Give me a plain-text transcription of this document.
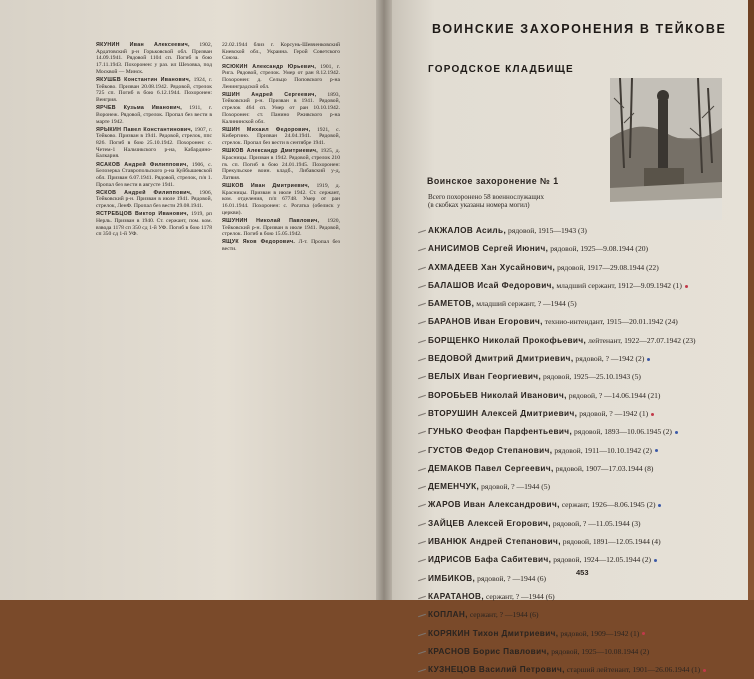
ЯКУНИН Иван Алексеевич, 1902, Ардатовский р-н Горьковской обл. Призван 14.09.1941. Рядовой 1104 сп. Погиб в бою 17.11.1943. Похоронен: у раз. ил Шеховка, под Москвой — Минск.

ЯКУШЕВ Константин Иванович, 1924, г. Тейково. Призван 20.08.1942. Рядовой, стрелок 725 сп. Погиб в бою 6.12.1944. Похоронен: Венгрия.

ЯРЧЕВ Кузьма Иванович, 1911, г. Воронеж. Рядовой, стрелок. Пропал без вести в марте 1942.

ЯРЫКИН Павел Константинович, 1907, г. Тейково. Призван в 1941. Рядовой, стрелок, ппс 826. Погиб в бою 25.10.1942. Похоронен: с. Четем-1 Нальчикского р-на, Кабардино-Балкария.

ЯСАКОВ Андрей Филиппович, 1906, с. Белозерка Ставропольского р-на Куйбышевской обл. Призван 6.07.1941. Рядовой, стрелок, п/я 1. Пропал без вести в августе 1941.

ЯСКОВ Андрей Филиппович, 1906, Тейковский р-н. Призван в июле 1941. Рядовой, стрелок, ЛенФ. Пропал без вести 29.08.1941.

ЯСТРЕБЦОВ Виктор Иванович, 1919, рп Нерль. Призван в 1940. Ст. сержант, пом. ком. взвода 1178 сп 350 сд 1-й УФ. Погиб в бою 1178 сп 350 сд 1-й УФ.

22.02.1944 близ г. Корсунь-Шевченковский Киевской обл., Украина. Герой Советского Союза.

ЯСЮКИН Александр Юрьевич, 1901, г. Рига. Рядовой, стрелок. Умер от ран 8.12.1942. Похоронен: д. Сельцо Поповского р-на Ленинградской обл.

ЯШИН Андрей Сергеевич, 1893, Тейковский р-н. Призван в 1941. Рядовой, стрелок 464 сп. Умер от ран 10.10.1942. Похоронен: ст. Панино Рживского р-на Калининской обл.

ЯШИН Михаил Федорович, 1921, с. Кибергино. Призван 24.04.1941. Рядовой, стрелок. Пропал без вести в сентябре 1941.

ЯШКОВ Александр Дмитриевич, 1925, д. Красницы. Призван в 1942. Рядовой, стрелок 210 гв. сп. Погиб в бою 24.01.1945. Похоронен: Прекульское воин. кладб., Либавский у-д, Латвия.

ЯШКОВ Иван Дмитриевич, 1919, д. Красницы. Призван в июле 1942. Ст. сержант, ком. отделения, п/п 67748. Умер от ран 16.01.1944. Похоронен: с. Рогатка (обелиск у церкви).

ЯШУНИН Николай Павлович, 1920, Тейковский р-н. Призван в июле 1941. Рядовой, стрелок. Погиб в бою 15.05.1942.

ЯЩУК Яков Федорович. Л-т. Пропал без вести.

ВОИНСКИЕ ЗАХОРОНЕНИЯ В ТЕЙКОВЕ
ГОРОДСКОЕ КЛАДБИЩЕ
Воинское захоронение № 1
Всего похоронено 58 военнослужащих
(в скобках указаны номера могил)
АКЖАЛОВ Асиль, рядовой, 1915—1943 (3)
АНИСИМОВ Сергей Июнич, рядовой, 1925—9.08.1944 (20)
АХМАДЕЕВ Хан Хусайнович, рядовой, 1917—29.08.1944 (22)
БАЛАШОВ Исай Федорович, младший сержант, 1912—9.09.1942 (1)
БАМЕТОВ, младший сержант, ? —1944 (5)
БАРАНОВ Иван Егорович, технио-интендант, 1915—20.01.1942 (24)
БОРЩЕНКО Николай Прокофьевич, лейтенант, 1922—27.07.1942 (23)
ВЕДОВОЙ Дмитрий Дмитриевич, рядовой, ? —1942 (2)
ВЕЛЫХ Иван Георгиевич, рядовой, 1925—25.10.1943 (5)
ВОРОБЬЕВ Николай Иванович, рядовой, ? —14.06.1944 (21)
ВТОРУШИН Алексей Дмитриевич, рядовой, ? —1942 (1)
ГУНЬКО Феофан Парфентьевич, рядовой, 1893—10.06.1945 (2)
ГУСТОВ Федор Степанович, рядовой, 1911—10.10.1942 (2)
ДЕМАКОВ Павел Сергеевич, рядовой, 1907—17.03.1944 (8)
ДЕМЕНЧУК, рядовой, ? —1944 (5)
ЖАРОВ Иван Александрович, сержант, 1926—8.06.1945 (2)
ЗАЙЦЕВ Алексей Егорович, рядовой, ? —11.05.1944 (3)
ИВАНЮК Андрей Степанович, рядовой, 1891—12.05.1944 (4)
ИДРИСОВ Бафа Сабитевич, рядовой, 1924—12.05.1944 (2)
ИМБИКОВ, рядовой, ? —1944 (6)
КАРАТАНОВ, сержант, ? —1944 (6)
КОПЛАН, сержант, ? —1944 (6)
КОРЯКИН Тихон Дмитриевич, рядовой, 1909—1942 (1)
КРАСНОВ Борис Павлович, рядовой, 1925—10.08.1944 (2)
КУЗНЕЦОВ Василий Петрович, старший лейтенант, 1901—26.06.1944 (1)
453
